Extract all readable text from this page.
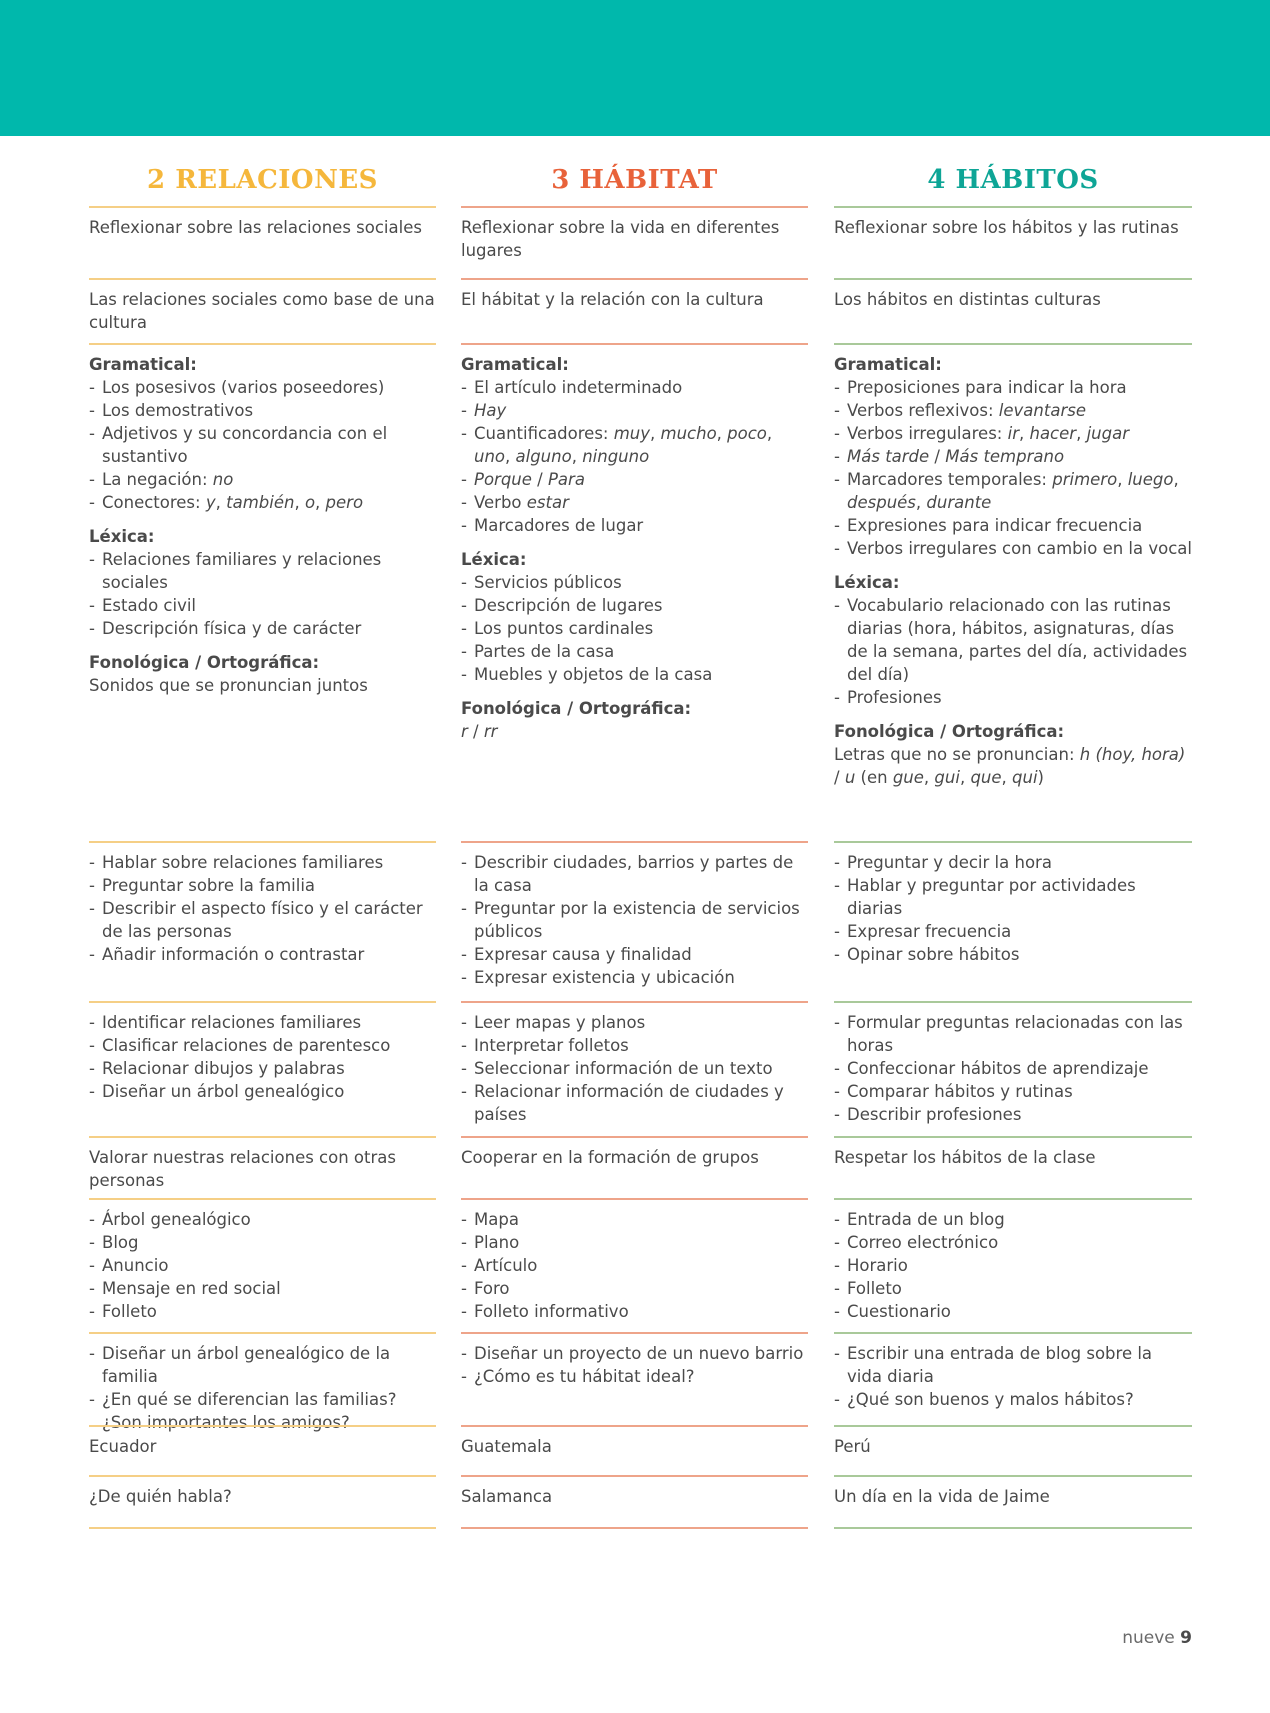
2 RELACIONES

Reflexionar sobre las relaciones sociales

Las relaciones sociales como base de una cultura

Gramatical:
- Los posesivos (varios poseedores)
- Los demostrativos
- Adjetivos y su concordancia con el sustantivo
- La negación: no
- Conectores: y, también, o, pero
Léxica:
- Relaciones familiares y relaciones sociales
- Estado civil
- Descripción física y de carácter
Fonológica / Ortográfica:

Sonidos que se pronuncian juntos

- Hablar sobre relaciones familiares
- Preguntar sobre la familia
- Describir el aspecto físico y el carácter de las personas
- Añadir información o contrastar
- Identificar relaciones familiares
- Clasificar relaciones de parentesco
- Relacionar dibujos y palabras
- Diseñar un árbol genealógico

Valorar nuestras relaciones con otras personas

- Árbol genealógico
- Blog
- Anuncio
- Mensaje en red social
- Folleto
- Diseñar un árbol genealógico de la familia
- ¿En qué se diferencian las familias? ¿Son importantes los amigos?

Ecuador

¿De quién habla?

3 HÁBITAT

Reflexionar sobre la vida en diferentes lugares

El hábitat y la relación con la cultura

Gramatical:
- El artículo indeterminado
- Hay
- Cuantificadores: muy, mucho, poco, uno, alguno, ninguno
- Porque / Para
- Verbo estar
- Marcadores de lugar
Léxica:
- Servicios públicos
- Descripción de lugares
- Los puntos cardinales
- Partes de la casa
- Muebles y objetos de la casa
Fonológica / Ortográfica:

r / rr

- Describir ciudades, barrios y partes de la casa
- Preguntar por la existencia de servicios públicos
- Expresar causa y finalidad
- Expresar existencia y ubicación
- Leer mapas y planos
- Interpretar folletos
- Seleccionar información de un texto
- Relacionar información de ciudades y países

Cooperar en la formación de grupos

- Mapa
- Plano
- Artículo
- Foro
- Folleto informativo
- Diseñar un proyecto de un nuevo barrio
- ¿Cómo es tu hábitat ideal?

Guatemala

Salamanca

4 HÁBITOS

Reflexionar sobre los hábitos y las rutinas

Los hábitos en distintas culturas

Gramatical:
- Preposiciones para indicar la hora
- Verbos reflexivos: levantarse
- Verbos irregulares: ir, hacer, jugar
- Más tarde / Más temprano
- Marcadores temporales: primero, luego, después, durante
- Expresiones para indicar frecuencia
- Verbos irregulares con cambio en la vocal
Léxica:
- Vocabulario relacionado con las rutinas diarias (hora, hábitos, asignaturas, días de la semana, partes del día, actividades del día)
- Profesiones
Fonológica / Ortográfica:

Letras que no se pronuncian: h (hoy, hora) / u (en gue, gui, que, qui)

- Preguntar y decir la hora
- Hablar y preguntar por actividades diarias
- Expresar frecuencia
- Opinar sobre hábitos
- Formular preguntas relacionadas con las horas
- Confeccionar hábitos de aprendizaje
- Comparar hábitos y rutinas
- Describir profesiones

Respetar los hábitos de la clase

- Entrada de un blog
- Correo electrónico
- Horario
- Folleto
- Cuestionario
- Escribir una entrada de blog sobre la vida diaria
- ¿Qué son buenos y malos hábitos?

Perú

Un día en la vida de Jaime

nueve 9
